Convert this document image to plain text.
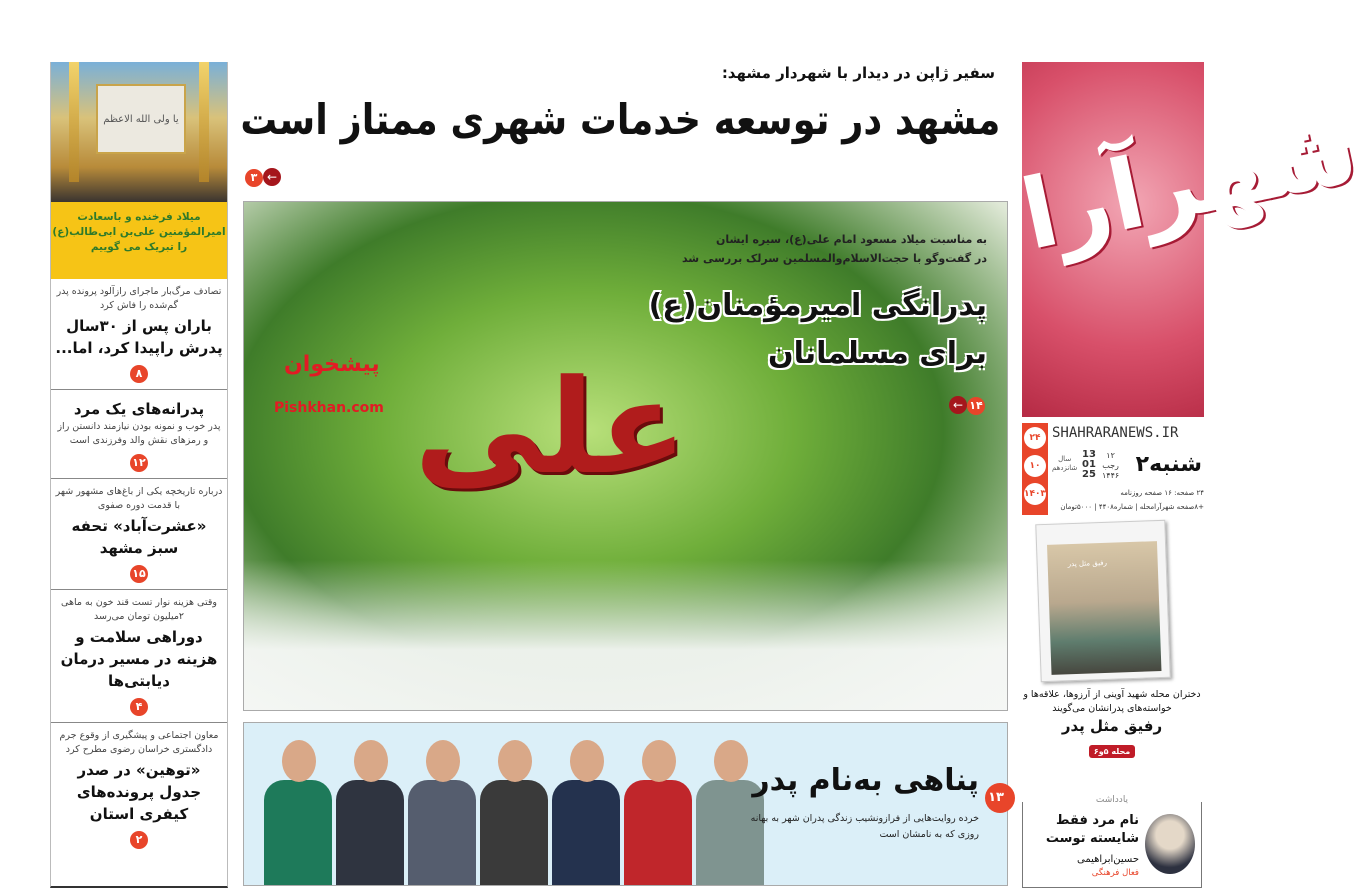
یا ولی الله الاعظم
میلاد فرخنده و باسعادت
امیرالمؤمنین علی‌بن ابی‌طالب(ع)
را تبریک می گوییم
تصادف مرگ‌بار ماجرای رازآلود پرونده پدر گم‌شده را فاش کرد
باران پس از ۳۰سال پدرش راپیدا کرد، اما...
۸
پدرانه‌های یک مرد
پدر خوب و نمونه بودن نیازمند دانستن راز و رمزهای نقش والد وفرزندی است
۱۲
درباره تاریخچه یکی از باغ‌های مشهور شهر با قدمت دوره صفوی
«عشرت‌آباد» تحفه سبز مشهد
۱۵
وقتی هزینه نوار تست قند خون به ماهی ۲میلیون تومان می‌رسد
دوراهی سلامت و هزینه در مسیر درمان دیابتی‌ها
۴
معاون اجتماعی و پیشگیری از وقوع جرم دادگستری خراسان رضوی مطرح کرد
«توهین» در صدر جدول پرونده‌های کیفری استان
۲
سفیر ژاپن در دیدار با شهردار مشهد:
مشهد در توسعه خدمات شهری ممتاز است
۳ ←
علی
به مناسبت میلاد مسعود امام علی(ع)، سیره ایشان
در گفت‌وگو با حجت‌الاسلام‌والمسلمین سرلک بررسی شد
پدرانگی امیرمؤمنان(ع)
برای مسلمانان
← ۱۴
پیشخوان
Pishkhan.com
پناهی به‌نام پدر
خرده روایت‌هایی از فرازونشیب زندگی پدران شهر به بهانه روزی که به نامشان است
۱۳
شهرآرا
۲۴
۱۰
۱۴۰۳
SHAHRARANEWS.IR
سال
شانزدهم
13
01
25
۱۲
رجب
۱۴۴۶ ۲شنبه
۲۴ صفحه: ۱۶ صفحه روزنامه
+۸صفحه شهرآرامحله | شماره۴۴۰۸ | ۵۰۰۰تومان
رفیق مثل پدر
دختران محله شهید آوینی از آرزوها، علاقه‌ها و خواسته‌های پدرانشان می‌گویند
رفیق مثل پدر
محله ۵و۶
یادداشت
نام مرد فقط
شایسته توست
حسین‌ابراهیمی
فعال فرهنگی
